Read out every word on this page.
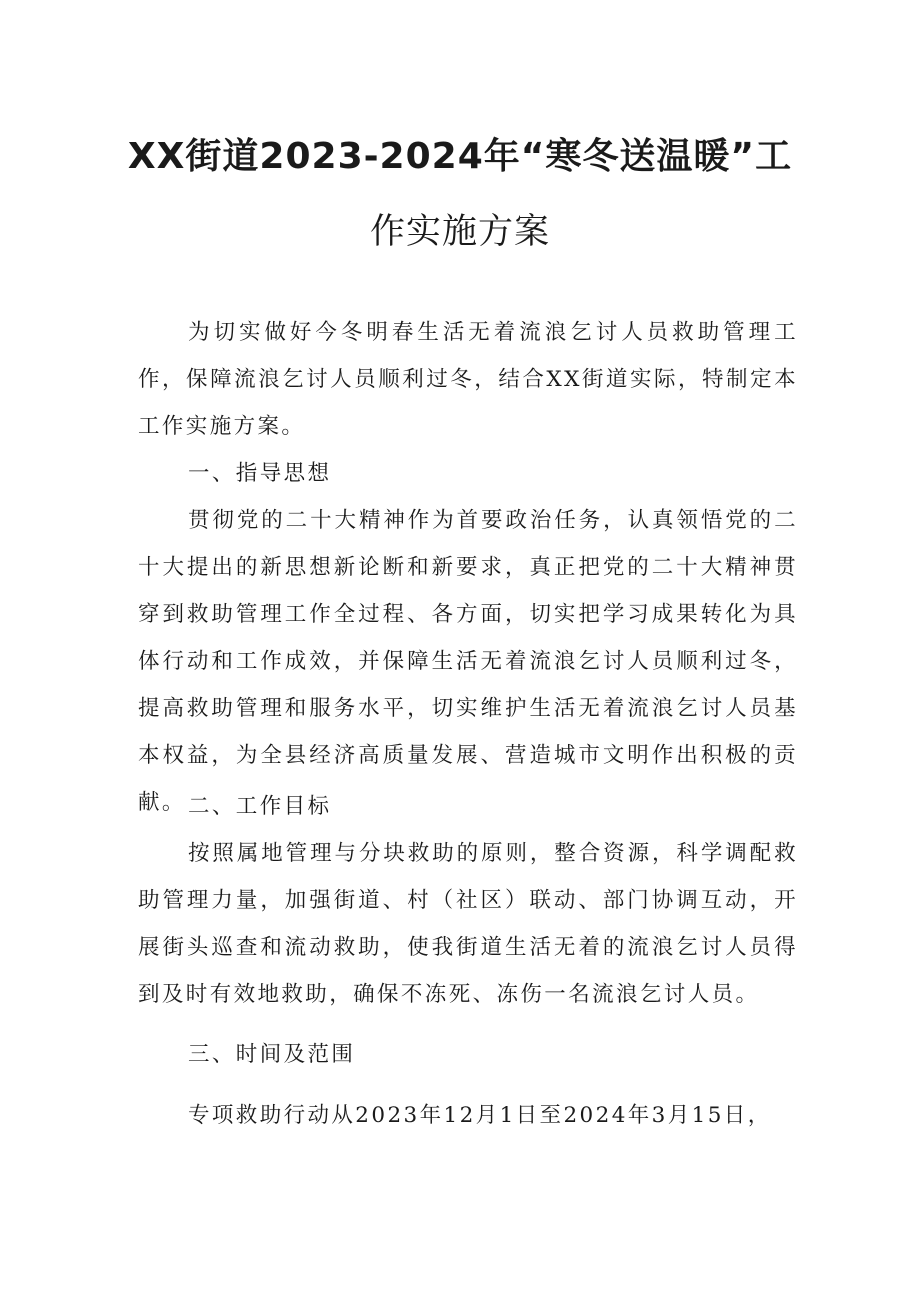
XX街道2023-2024年“寒冬送温暖”工
作实施方案
为切实做好今冬明春生活无着流浪乞讨人员救助管理工作，保障流浪乞讨人员顺利过冬，结合XX街道实际，特制定本工作实施方案。
一、指导思想
贯彻党的二十大精神作为首要政治任务，认真领悟党的二十大提出的新思想新论断和新要求，真正把党的二十大精神贯穿到救助管理工作全过程、各方面，切实把学习成果转化为具体行动和工作成效，并保障生活无着流浪乞讨人员顺利过冬，提高救助管理和服务水平，切实维护生活无着流浪乞讨人员基本权益，为全县经济高质量发展、营造城市文明作出积极的贡献。 二、工作目标
按照属地管理与分块救助的原则，整合资源，科学调配救助管理力量，加强街道、村（社区）联动、部门协调互动，开展街头巡查和流动救助，使我街道生活无着的流浪乞讨人员得到及时有效地救助，确保不冻死、冻伤一名流浪乞讨人员。
三、时间及范围
专项救助行动从2023年12月1日至2024年3月15日，
